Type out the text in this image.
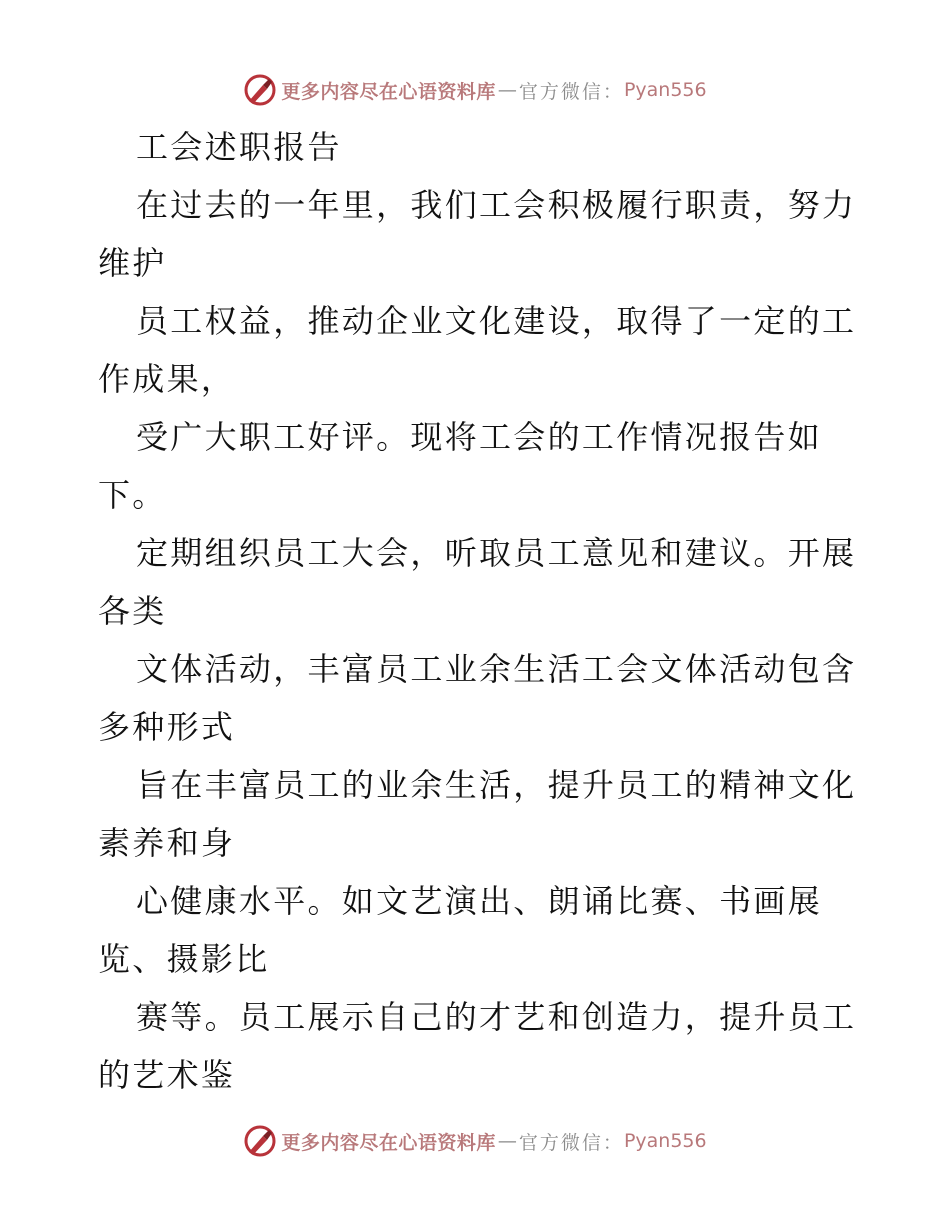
更多内容尽在心语资料库 — 官方微信： Pyan556
工会述职报告
在过去的一年里，我们工会积极履行职责，努力
维护
员工权益，推动企业文化建设，取得了一定的工
作成果，
受广大职工好评。现将工会的工作情况报告如
下。
定期组织员工大会，听取员工意见和建议。开展
各类
文体活动，丰富员工业余生活工会文体活动包含
多种形式
旨在丰富员工的业余生活，提升员工的精神文化
素养和身
心健康水平。如文艺演出、朗诵比赛、书画展
览、摄影比
赛等。员工展示自己的才艺和创造力，提升员工
的艺术鉴
更多内容尽在心语资料库 — 官方微信： Pyan556
